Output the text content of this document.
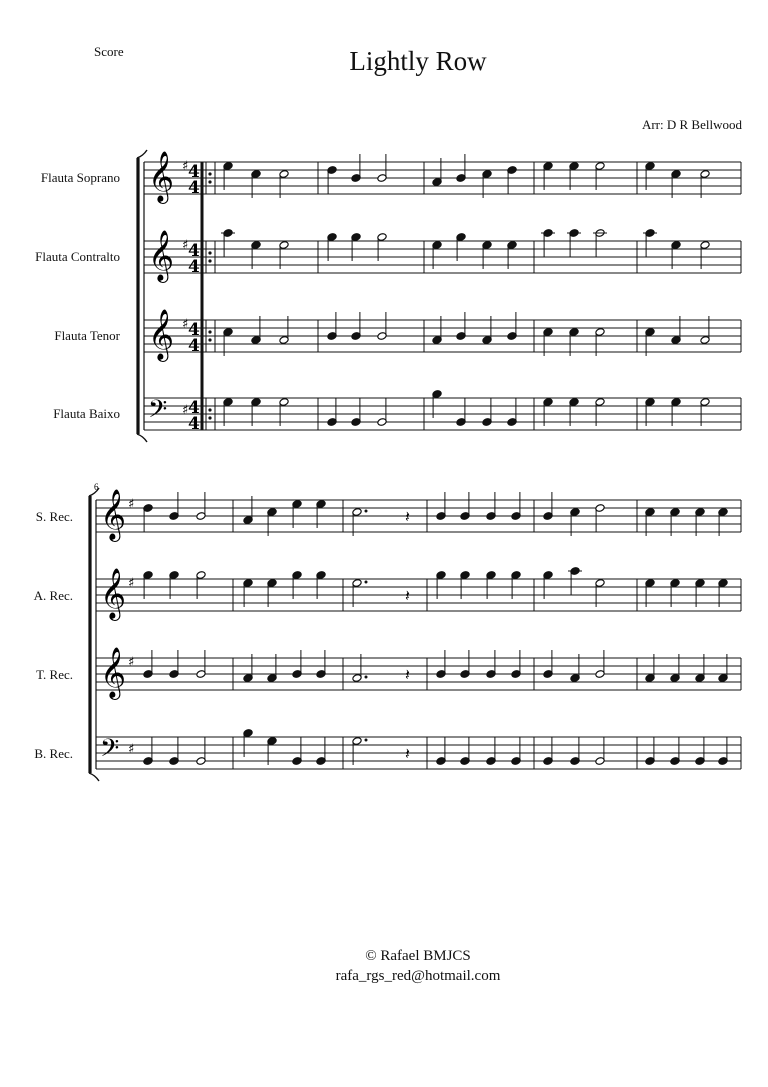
Score	Lightly Row
Arr: D R Bellwood
Flauta Soprano
Flauta Contralto
Flauta Tenor
Flauta Baixo
S. Rec.
A. Rec.
T. Rec.
B. Rec.
𝄞 ♯ 4
4
𝄞 ♯ 4
4
𝄞 ♯ 4
4
𝄢 ♯ 4
4
𝄞 ♯
𝄞 ♯
𝄞 ♯
𝄢 ♯
𝄽
𝄽
𝄽
𝄽
6
© Rafael BMJCS
rafa_rgs_red@hotmail.com
